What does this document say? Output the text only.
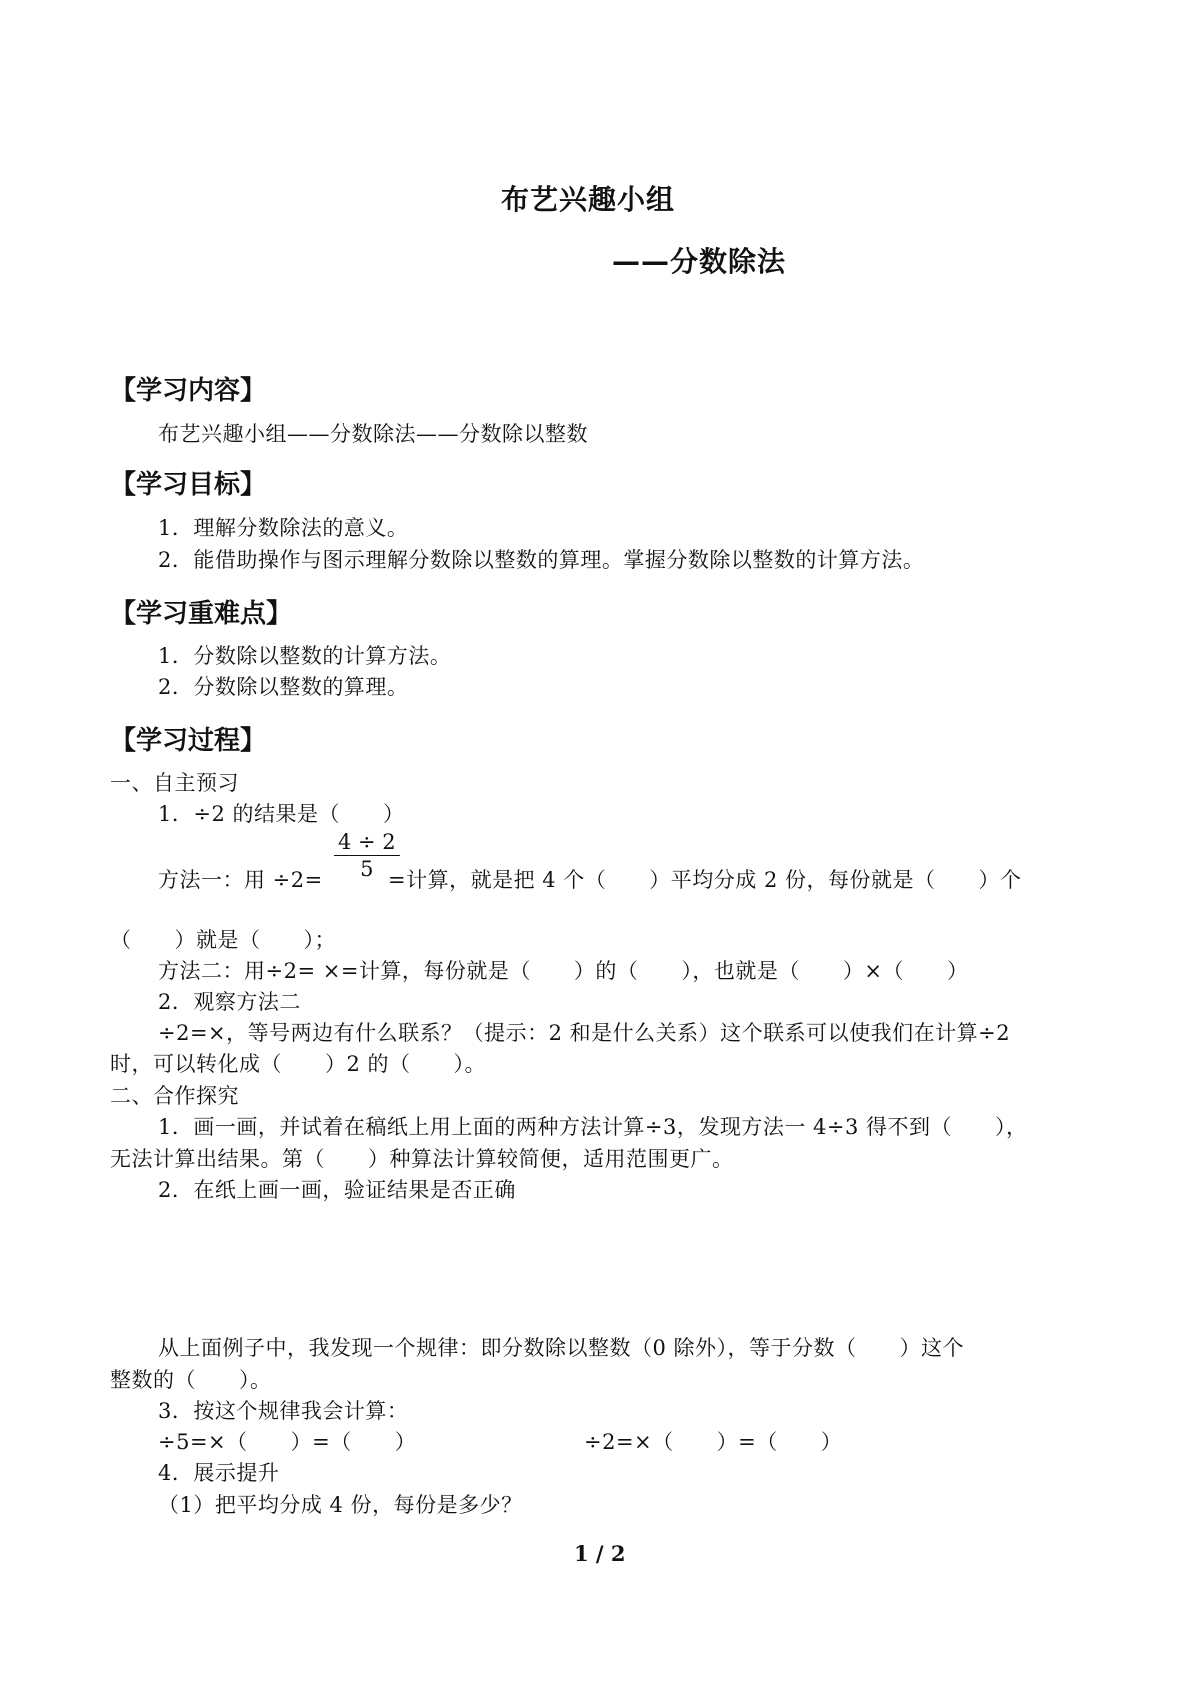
布艺兴趣小组
——分数除法
【学习内容】
布艺兴趣小组——分数除法——分数除以整数
【学习目标】
1．理解分数除法的意义。
2．能借助操作与图示理解分数除以整数的算理。掌握分数除以整数的计算方法。
【学习重难点】
1．分数除以整数的计算方法。
2．分数除以整数的算理。
【学习过程】
一、自主预习
1．÷2 的结果是（　　）
$\frac{4 \div 2}{5}$
方法一：用 ÷2=	=计算，就是把 4 个（　　）平均分成 2 份，每份就是（　　）个
（　　）就是（　　）；
方法二：用÷2= ×=计算，每份就是（　　）的（　　），也就是（　　）×（　　）
2．观察方法二
÷2=×，等号两边有什么联系？（提示：2 和是什么关系）这个联系可以使我们在计算÷2
时，可以转化成（　　）2 的（　　）。
二、合作探究
1．画一画，并试着在稿纸上用上面的两种方法计算÷3，发现方法一 4÷3 得不到（　　），
无法计算出结果。第（　　）种算法计算较简便，适用范围更广。
2．在纸上画一画，验证结果是否正确
从上面例子中，我发现一个规律：即分数除以整数（0 除外），等于分数（　　）这个
整数的（　　）。
3．按这个规律我会计算：
÷5=×（　　）=（　　）	÷2=×（　　）=（　　）
4．展示提升
（1）把平均分成 4 份，每份是多少？
1 / 2
